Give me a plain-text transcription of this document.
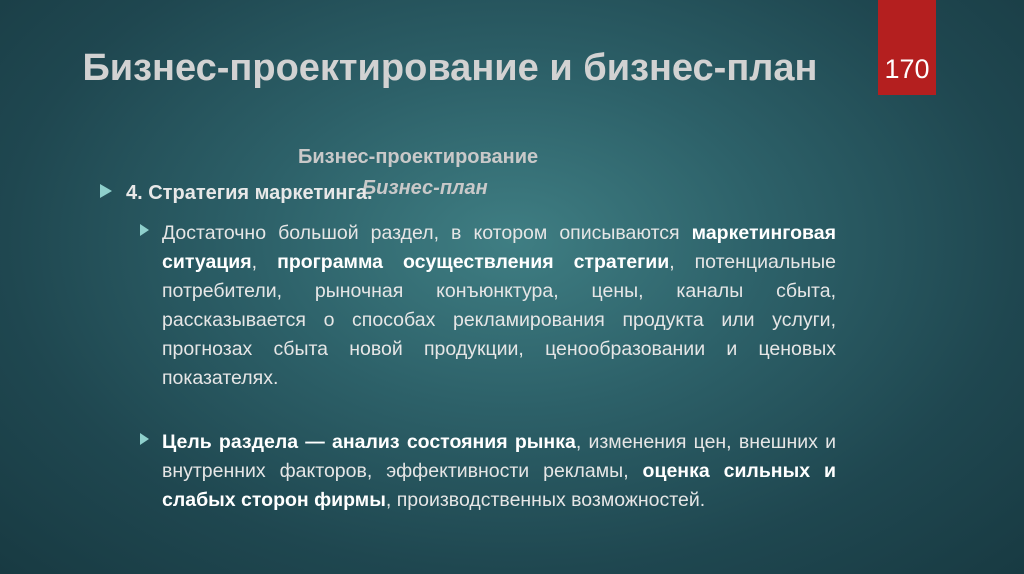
170
Бизнес-проектирование и бизнес-план
Бизнес-проектирование
Бизнес-план
4. Стратегия маркетинга.
Достаточно большой раздел, в котором описываются маркетинговая ситуация, программа осуществления стратегии, потенциальные потребители, рыночная конъюнктура, цены, каналы сбыта, рассказывается о способах рекламирования продукта или услуги, прогнозах сбыта новой продукции, ценообразовании и ценовых показателях.
Цель раздела — анализ состояния рынка, изменения цен, внешних и внутренних факторов, эффективности рекламы, оценка сильных и слабых сторон фирмы, производственных возможностей.
